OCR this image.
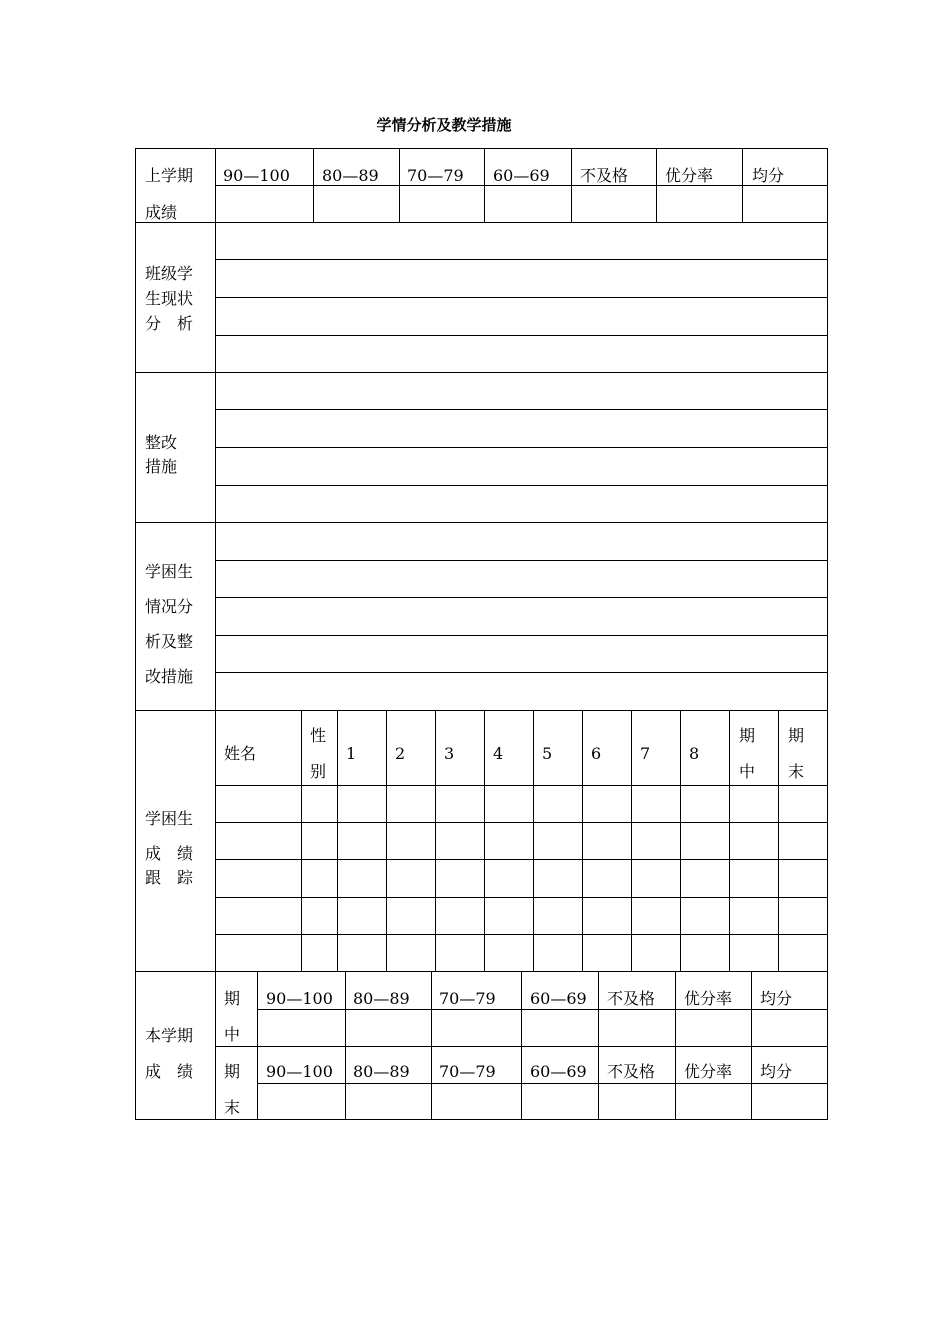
学情分析及教学措施
上学期
成绩
90—100 80—89 70—79 60—69 不及格 优分率 均分
班级学
生现状
分　析
整改
措施
学困生
情况分
析及整
改措施
学困生
成　绩
跟　踪
姓名
性
别
1 2 3 4 5 6 7 8
期
中
期
末
本学期
成　绩
期
中
期
末
90—100 80—89 70—79 60—69 不及格 优分率 均分
90—100 80—89 70—79 60—69 不及格 优分率 均分
